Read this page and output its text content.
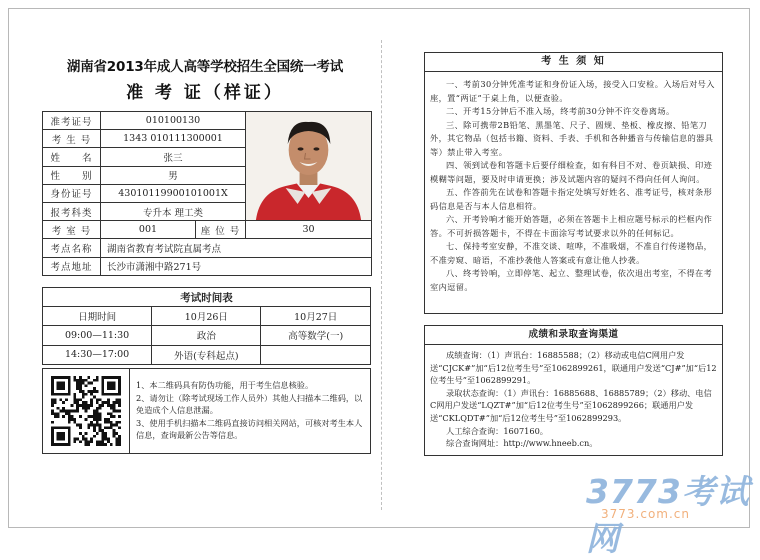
湖南省2013年成人高等学校招生全国统一考试
准 考 证（样证）
准考证号	010100130	

考 生 号	1343 010111300001		
姓　　名	张三		
性　　别	男		
身份证号	43010119900101001X		
报考科类	专升本 理工类		
考 室 号	001	座 位 号	30
考点名称	湖南省教育考试院直属考点		
考点地址	长沙市潇湘中路271号		
考试时间表		
日期时间	10月26日	10月27日
09:00—11:30	政治	高等数学(一)
14:30—17:00	外语(专科起点)	
1、本二维码具有防伪功能，用于考生信息核验。
2、请勿让（除考试现场工作人员外）其他人扫描本二维码，以免造成个人信息泄漏。
3、使用手机扫描本二维码直接访问相关网站，可核对考生本人信息，查询最新公告等信息。
考 生 须 知

一、考前30分钟凭准考证和身份证入场，接受入口安检。入场后对号入座，置“两证”于桌上角，以便查验。

二、开考15分钟后不准入场，终考前30分钟不许交卷离场。

三、除可携带2B铅笔、黑墨笔、尺子、圆规、垫板、橡皮擦、铅笔刀外，其它物品（包括书籍、资料、手表、手机和各种播音与传输信息的器具等）禁止带入考室。

四、领到试卷和答题卡后要仔细检查，如有科目不对、卷页缺损、印迹模糊等问题，要及时申请更换；涉及试题内容的疑问不得向任何人询问。

五、作答前先在试卷和答题卡指定处填写好姓名、准考证号，核对条形码信息是否与本人信息相符。

六、开考铃响才能开始答题，必须在答题卡上相应题号标示的栏框内作答。不可折损答题卡，不得在卡面涂写考试要求以外的任何标记。

七、保持考室安静，不准交谈、喧哗，不准吸烟，不准自行传递物品，不准旁窥、暗语，不准抄袭他人答案或有意让他人抄袭。

八、终考铃响，立即停笔、起立、整理试卷，依次退出考室，不得在考室内逗留。

成绩和录取查询渠道

成绩查询：（1）声讯台：16885588；（2）移动或电信C网用户发送“CJCK#”加“后12位考生号”至1062899261，联通用户发送“CJ#”加“后12位考生号”至1062899291。

录取状态查询：（1）声讯台：16885688、16885789；（2）移动、电信C网用户发送“LQZT#”加“后12位考生号”至1062899266；联通用户发送“CKLQDT#”加“后12位考生号”至1062899293。

人工综合查询：1607160。

综合查询网址：http://www.hneeb.cn。

3773考试网
3773.com.cn
